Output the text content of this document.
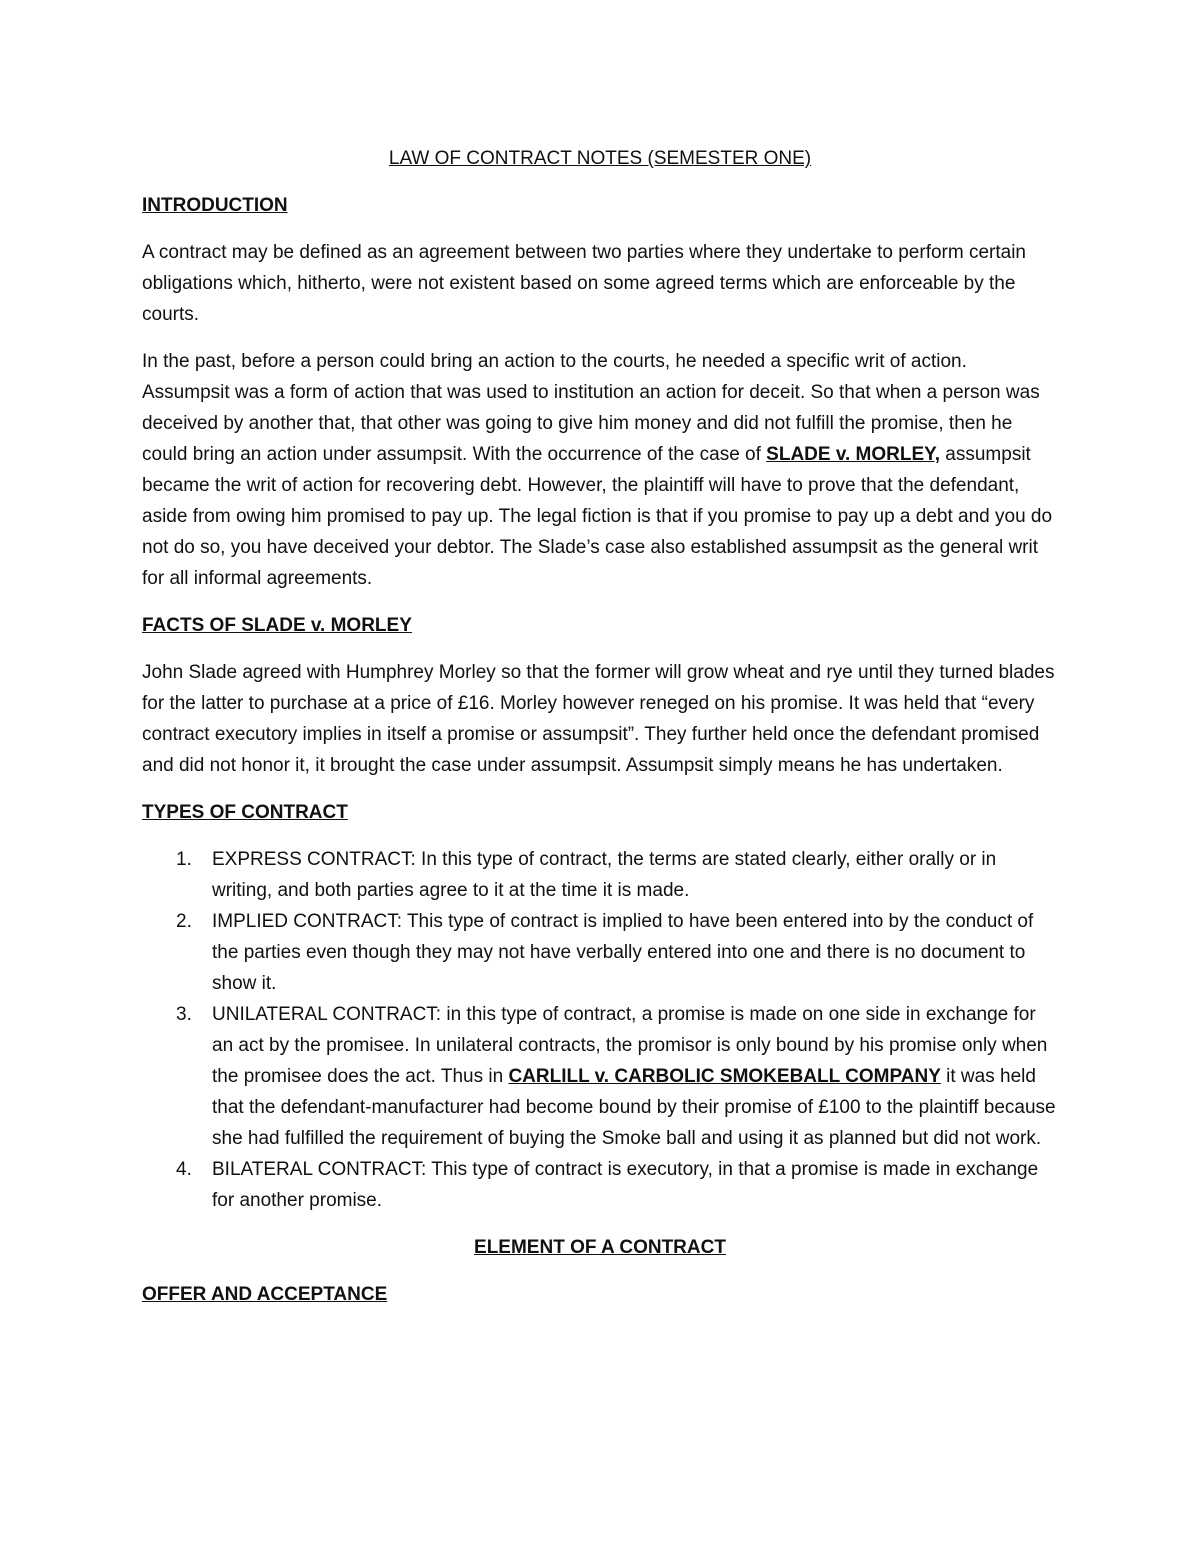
LAW OF CONTRACT NOTES (SEMESTER ONE)
INTRODUCTION

A contract may be defined as an agreement between two parties where they undertake to perform certain obligations which, hitherto, were not existent based on some agreed terms which are enforceable by the courts.

In the past, before a person could bring an action to the courts, he needed a specific writ of action. Assumpsit was a form of action that was used to institution an action for deceit. So that when a person was deceived by another that, that other was going to give him money and did not fulfill the promise, then he could bring an action under assumpsit. With the occurrence of the case of SLADE v. MORLEY, assumpsit became the writ of action for recovering debt. However, the plaintiff will have to prove that the defendant, aside from owing him promised to pay up. The legal fiction is that if you promise to pay up a debt and you do not do so, you have deceived your debtor. The Slade’s case also established assumpsit as the general writ for all informal agreements.

FACTS OF SLADE v. MORLEY

John Slade agreed with Humphrey Morley so that the former will grow wheat and rye until they turned blades for the latter to purchase at a price of £16. Morley however reneged on his promise. It was held that “every contract executory implies in itself a promise or assumpsit”. They further held once the defendant promised and did not honor it, it brought the case under assumpsit. Assumpsit simply means he has undertaken.

TYPES OF CONTRACT
1. EXPRESS CONTRACT: In this type of contract, the terms are stated clearly, either orally or in writing, and both parties agree to it at the time it is made.
2. IMPLIED CONTRACT: This type of contract is implied to have been entered into by the conduct of the parties even though they may not have verbally entered into one and there is no document to show it.
3. UNILATERAL CONTRACT: in this type of contract, a promise is made on one side in exchange for an act by the promisee. In unilateral contracts, the promisor is only bound by his promise only when the promisee does the act. Thus in CARLILL v. CARBOLIC SMOKEBALL COMPANY it was held that the defendant-manufacturer had become bound by their promise of £100 to the plaintiff because she had fulfilled the requirement of buying the Smoke ball and using it as planned but did not work.
4. BILATERAL CONTRACT: This type of contract is executory, in that a promise is made in exchange for another promise.
ELEMENT OF A CONTRACT
OFFER AND ACCEPTANCE
